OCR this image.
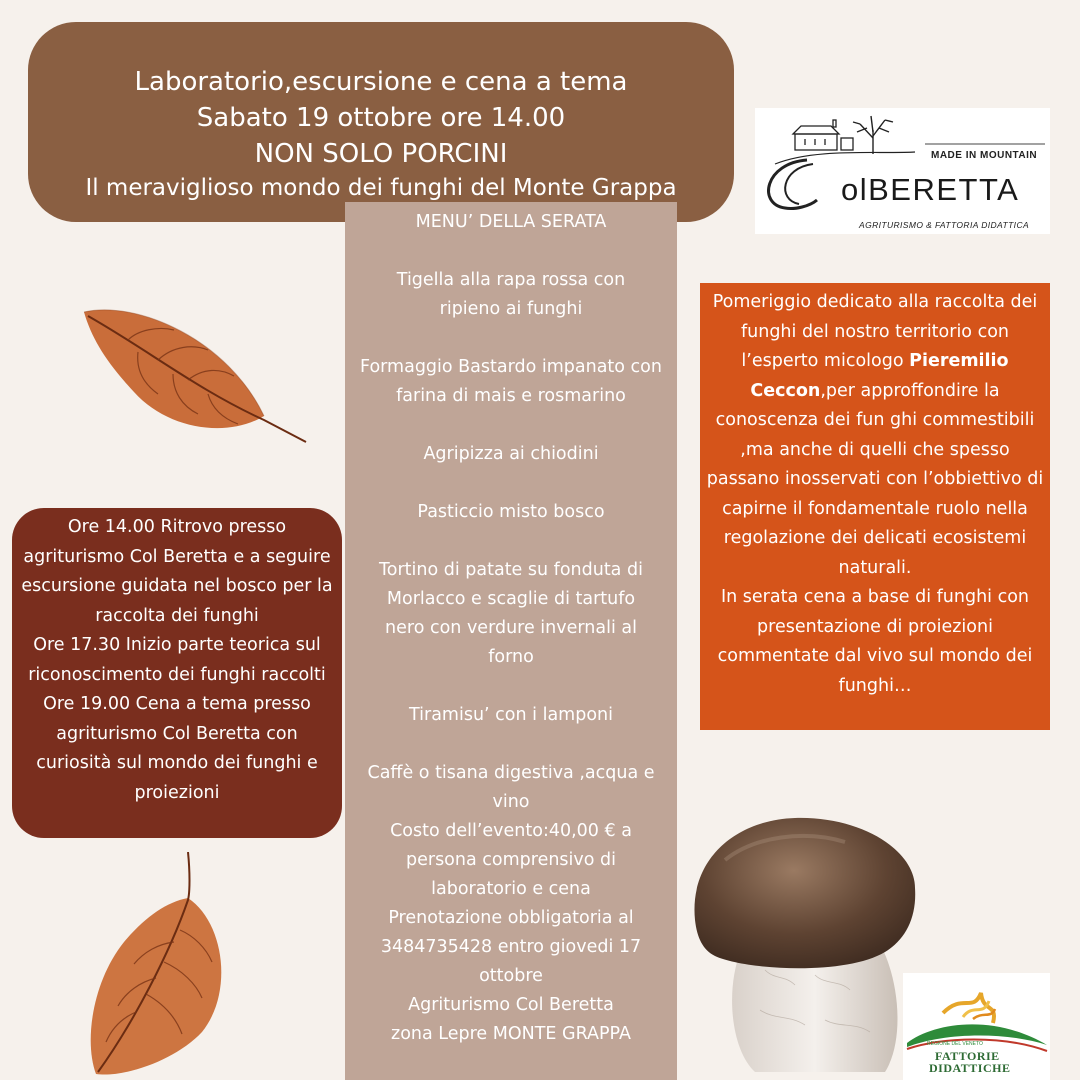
Laboratorio,escursione e cena a tema
Sabato 19 ottobre ore 14.00
NON SOLO PORCINI
Il meraviglioso mondo dei funghi del Monte Grappa
MADE IN MOUNTAIN
olBERETTA
AGRITURISMO & FATTORIA DIDATTICA

MENU’ DELLA SERATA

Tigella alla rapa rossa con ripieno ai funghi

Formaggio Bastardo impanato con farina di mais e rosmarino

Agripizza ai chiodini

Pasticcio misto bosco

Tortino di patate su fonduta di Morlacco e scaglie di tartufo nero con verdure invernali al forno

Tiramisu’ con i lamponi

Caffè o tisana digestiva ,acqua e vino

Costo dell’evento:40,00 € a persona comprensivo di laboratorio e cena

Prenotazione obbligatoria al 3484735428 entro giovedi 17 ottobre

Agriturismo Col Beretta

zona Lepre MONTE GRAPPA

Ore 14.00 Ritrovo presso agriturismo Col Beretta e a seguire escursione guidata nel bosco per la raccolta dei funghi

Ore 17.30 Inizio parte teorica sul riconoscimento dei funghi raccolti

Ore 19.00 Cena a tema presso agriturismo Col Beretta con curiosità sul mondo dei funghi e proiezioni

Pomeriggio dedicato alla raccolta dei funghi del nostro territorio con l’esperto micologo Pieremilio Ceccon,per approffondire la conoscenza dei fun ghi commestibili ,ma anche di quelli che spesso passano inosservati con l’obbiettivo di capirne il fondamentale ruolo nella regolazione dei delicati ecosistemi naturali.

In serata cena a base di funghi con presentazione di proiezioni commentate dal vivo sul mondo dei funghi…

REGIONE DEL VENETO
FATTORIE
DIDATTICHE
